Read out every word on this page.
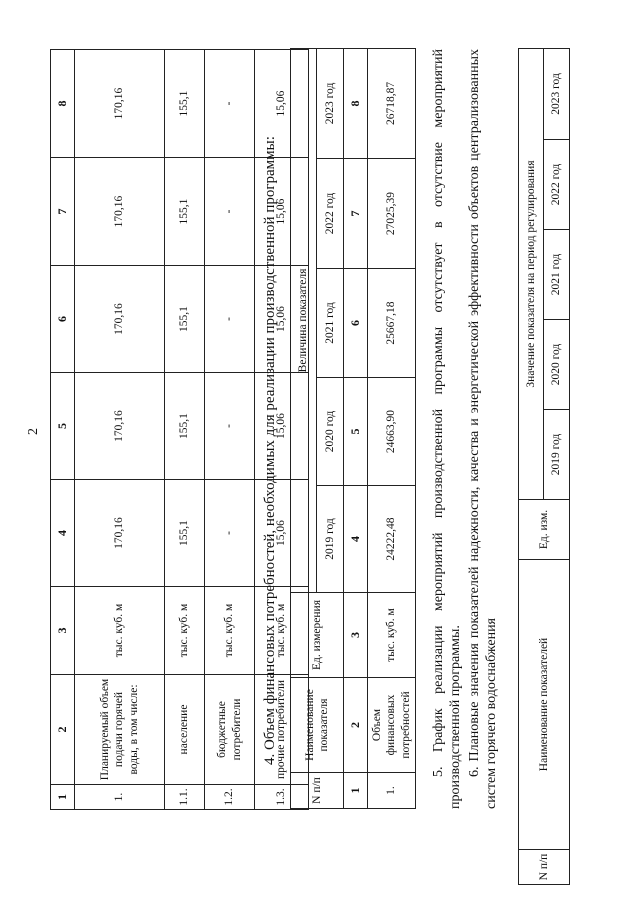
2
1	2	3	4	5	6	7	8
1.	Планируемый объем подачи горячей воды, в том числе:	тыс. куб. м	170,16	170,16	170,16	170,16	170,16
1.1.	население	тыс. куб. м	155,1	155,1	155,1	155,1	155,1
1.2.	бюджетные потребители	тыс. куб. м	-	-	-	-	-
1.3.	прочие потребители	тыс. куб. м	15,06	15,06	15,06	15,06	15,06
4. Объем финансовых потребностей, необходимых для реализации производственной программы:
N п/п	Наименование показателя	Ед. измерения	Величина показателя				
			2019 год	2020 год	2021 год	2022 год	2023 год
1	2	3	4	5	6	7	8
1.	Объем финансовых потребностей	тыс. куб. м	24222,48	24663,90	25667,18	27025,39	26718,87 5. График реализации мероприятий производственной программы отсутствует в отсутствие мероприятий производственной программы. 6. Плановые значения показателей надежности, качества и энергетической эффективности объектов централизованных систем горячего водоснабжения
N п/п	Наименование показателей	Ед. изм.	Значение показателя на период регулирования				
			2019 год	2020 год	2021 год	2022 год	2023 год
